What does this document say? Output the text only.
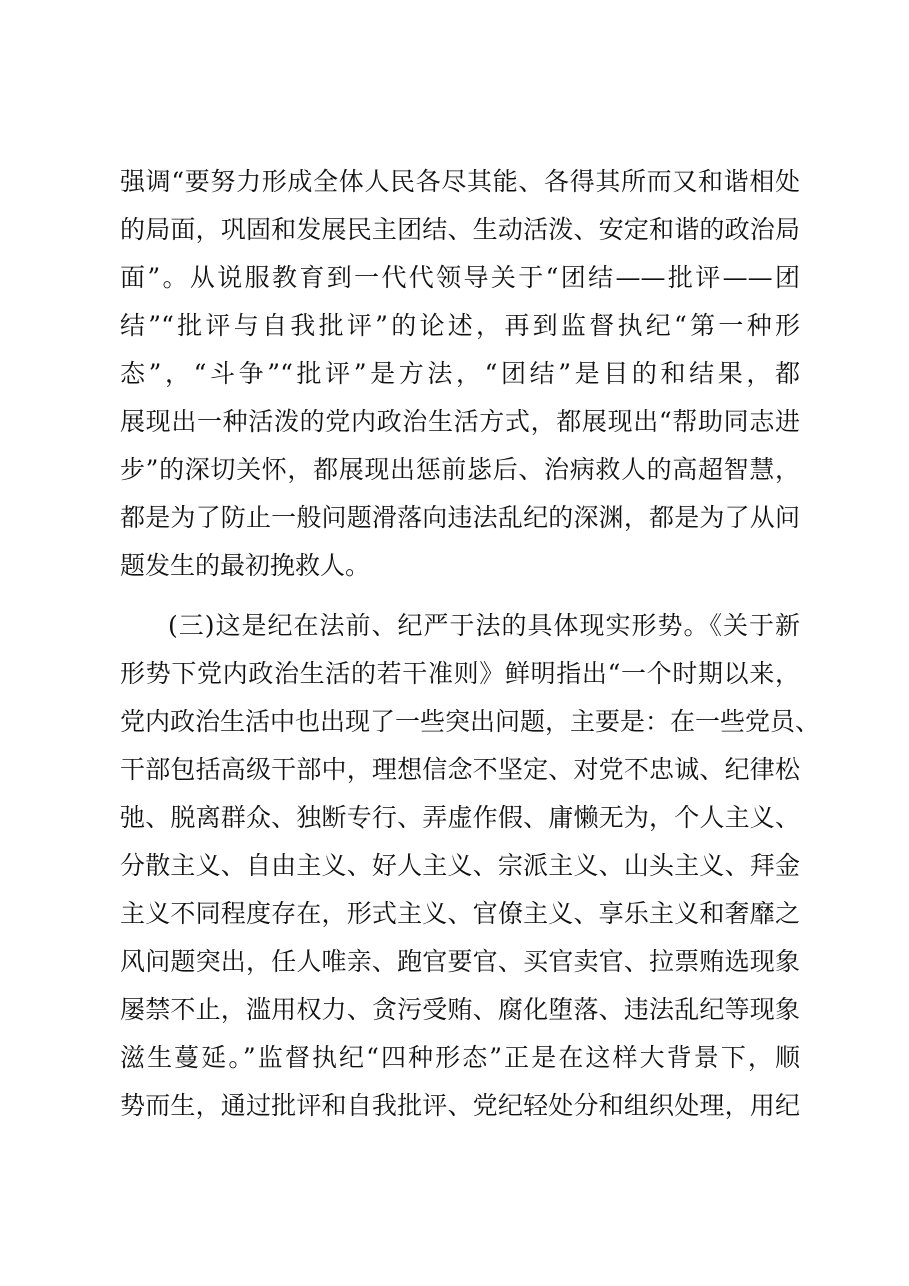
强调“要努力形成全体人民各尽其能、各得其所而又和谐相处
的局面，巩固和发展民主团结、生动活泼、安定和谐的政治局
面”。从说服教育到一代代领导关于“团结——批评——团
结”“批评与自我批评”的论述，再到监督执纪“第一种形
态”，“斗争”“批评”是方法，“团结”是目的和结果，都
展现出一种活泼的党内政治生活方式，都展现出“帮助同志进
步”的深切关怀，都展现出惩前毖后、治病救人的高超智慧，
都是为了防止一般问题滑落向违法乱纪的深渊，都是为了从问
题发生的最初挽救人。
(三)这是纪在法前、纪严于法的具体现实形势。《关于新
形势下党内政治生活的若干准则》鲜明指出“一个时期以来，
党内政治生活中也出现了一些突出问题，主要是：在一些党员、
干部包括高级干部中，理想信念不坚定、对党不忠诚、纪律松
弛、脱离群众、独断专行、弄虚作假、庸懒无为，个人主义、
分散主义、自由主义、好人主义、宗派主义、山头主义、拜金
主义不同程度存在，形式主义、官僚主义、享乐主义和奢靡之
风问题突出，任人唯亲、跑官要官、买官卖官、拉票贿选现象
屡禁不止，滥用权力、贪污受贿、腐化堕落、违法乱纪等现象
滋生蔓延。”监督执纪“四种形态”正是在这样大背景下，顺
势而生，通过批评和自我批评、党纪轻处分和组织处理，用纪
